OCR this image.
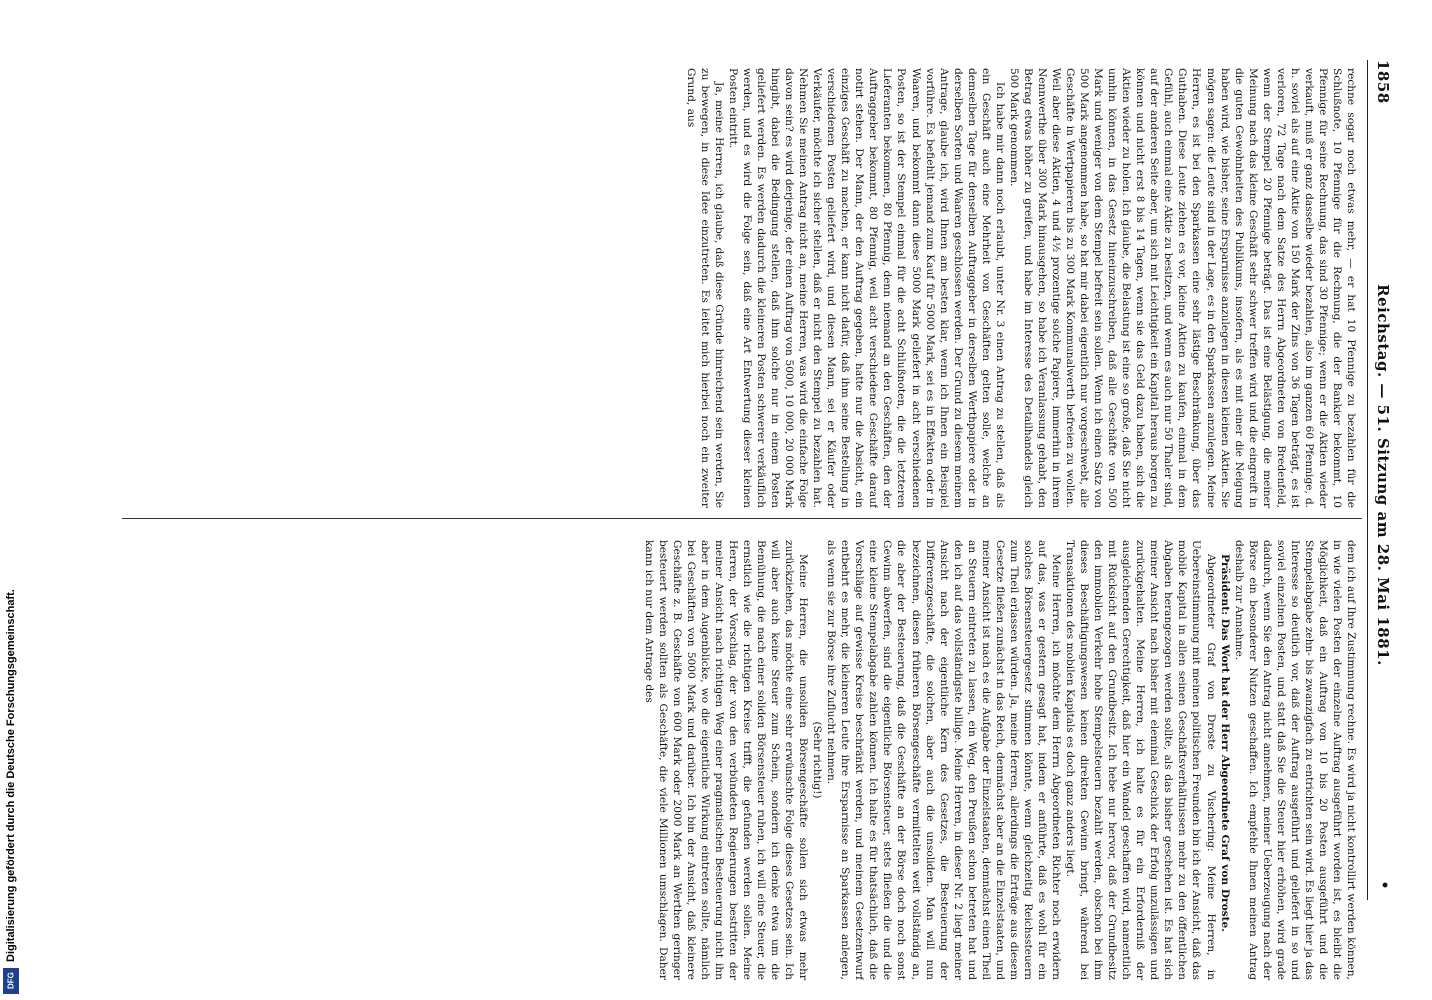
Digitalisierung gefördert durch die Deutsche Forschungsgemeinschaft.
DFG
1858
Reichstag. — 51. Sitzung am 28. Mai 1881.
•

rechne sogar noch etwas mehr, — er hat 10 Pfennige zu bezahlen für die Schlußnote, 10 Pfennige für die Rechnung, die der Bankier bekommt, 10 Pfennige für seine Rechnung, das sind 30 Pfennige; wenn er die Aktien wieder verkauft, muß er ganz dasselbe wieder bezahlen, also im ganzen 60 Pfennige, d. h. soviel als auf eine Aktie von 150 Mark der Zins von 36 Tagen beträgt, es ist verloren, 72 Tage nach dem Satze des Herrn Abgeordneten von Bredenfeld, wenn der Stempel 20 Pfennige beträgt. Das ist eine Belästigung, die meiner Meinung nach das kleine Geschäft sehr schwer treffen wird und die eingreift in die guten Gewohnheiten des Publikums, insofern, als es mit einer die Neigung haben wird, wie bisher, seine Ersparnisse anzulegen in diesen kleinen Aktien. Sie mögen sagen: die Leute sind in der Lage, es in den Sparkassen anzulegen. Meine Herren, es ist bei den Sparkassen eine sehr lästige Beschränkung, über das Guthaben. Diese Leute ziehen es vor, kleine Aktien zu kaufen, einmal in dem Gefühl, auch einmal eine Aktie zu besitzen, und wenn es auch nur 50 Thaler sind, auf der anderen Seite aber, um sich mit Leichtigkeit ein Kapital heraus borgen zu können und nicht erst 8 bis 14 Tagen, wenn sie das Geld dazu haben, sich die Aktien wieder zu holen. Ich glaube, die Belastung ist eine so große, daß Sie nicht umhin können, in das Gesetz hineinzuschreiben, daß alle Geschäfte von 500 Mark und weniger von dem Stempel befreit sein sollen. Wenn ich einen Satz von 500 Mark angenommen habe, so hat mir dabei eigentlich nur vorgeschwebt, alle Geschäfte in Wertpapieren bis zu 300 Mark Kommunalwerth befreien zu wollen. Weil aber diese Aktien, 4 und 4½ prozentige solche Papiere, immerhin in ihrem Nennwerthe über 300 Mark hinausgehen, so habe ich Veranlassung gehabt, den Betrag etwas höher zu greifen, und habe im Interesse des Detailhandels gleich 500 Mark genommen.

Ich habe mir dann noch erlaubt, unter Nr. 3 einen Antrag zu stellen, daß als ein Geschäft auch eine Mehrheit von Geschäften gelten solle, welche an demselben Tage für denselben Auftraggeber in derselben Werthpapiere oder in derselben Sorten und Waaren geschlossen werden. Der Grund zu diesem meinem Antrage, glaube ich, wird Ihnen am besten klar, wenn ich Ihnen ein Beispiel vorführe. Es befiehlt jemand zum Kauf für 5000 Mark, sei es in Effekten oder in Waaren, und bekommt dann diese 5000 Mark geliefert in acht verschiedenen Posten, so ist der Stempel einmal für die acht Schlußnoten, die die letzteren Lieferanten bekommen, 80 Pfennig, denn niemand an den Geschäften, den der Auftraggeber bekommt, 80 Pfennig, weil acht verschiedene Geschäfte darauf notirt stehen. Der Mann, der den Auftrag gegeben, hatte nur die Absicht, ein einziges Geschäft zu machen, er kann nicht dafür, daß ihm seine Bestellung in verschiedenen Posten geliefert wird, und diesen Mann, sei er Käufer oder Verkäufer, möchte ich sicher stellen, daß er nicht den Stempel zu bezahlen hat. Nehmen Sie meinen Antrag nicht an, meine Herren, was wird die einfache Folge davon sein? es wird derjenige, der einen Auftrag von 5000, 10 000, 20 000 Mark hingibt, dabei die Bedingung stellen, daß ihm solche nur in einem Posten geliefert werden. Es werden dadurch die kleineren Posten schwerer verkäuflich werden, und es wird die Folge sein, daß eine Art Entwertung dieser kleinen Posten eintritt.

Ja, meine Herren, ich glaube, daß diese Gründe hinreichend sein werden, Sie zu bewegen, in diese Idee einzutreten. Es leitet mich hierbei noch ein zweiter Grund, aus

dem ich auf Ihre Zustimmung rechne. Es wird ja nicht kontrollirt werden können, in wie vielen Posten der einzelne Auftrag ausgeführt worden ist, es bleibt die Möglichkeit, daß ein Auftrag von 10 bis 20 Posten ausgeführt und die Stempelabgabe zehn- bis zwanzigfach zu entrichten sein wird. Es liegt hier ja das Interesse so deutlich vor, daß der Auftrag ausgeführt und geliefert in so und soviel einzelnen Posten, und statt daß Sie die Steuer hier erhöhen, wird grade dadurch, wenn Sie den Antrag nicht annehmen, meiner Ueberzeugung nach der Börse ein besonderer Nutzen geschaffen. Ich empfehle Ihnen meinen Antrag deshalb zur Annahme.

Präsident: Das Wort hat der Herr Abgeordnete Graf von Droste.

Abgeordneter Graf von Droste zu Vischering: Meine Herren, in Uebereinstimmung mit meinen politischen Freunden bin ich der Ansicht, daß das mobile Kapital in allen seinen Geschäftsverhältnissen mehr zu den öffentlichen Abgaben herangezogen werden sollte, als das bisher geschehen ist. Es hat sich meiner Ansicht nach bisher mit eleminal Geschick der Erfolg unzulässigen und zurückgehalten. Meine Herren, ich halte es für ein Erforderniß der ausgleichenden Gerechtigkeit, daß hier ein Wandel geschaffen wird, namentlich mit Rücksicht auf den Grundbesitz. Ich hebe nur hervor, daß der Grundbesitz den immobilen Verkehr hohe Stempelsteuern bezahlt werden, obschon bei ihm dieses Beschäftigungswesen keinen direkten Gewinn bringt, während bei Transaktionen des mobilen Kapitals es doch ganz anders liegt.

Meine Herren, ich möchte dem Herrn Abgeordneten Richter noch erwidern auf das, was er gestern gesagt hat, indem er anführte, daß es wohl für ein solches Börsensteuergesetz stimmen könnte, wenn gleichzeitig Reichssteuern zum Theil erlassen würden. Ja, meine Herren, allerdings die Erträge aus diesem Gesetze fließen zunächst in das Reich, demnächst aber an die Einzelstaaten, und meiner Ansicht ist nach es die Aufgabe der Einzelstaaten, demnächst einen Theil an Steuern eintreten zu lassen, ein Weg, den Preußen schon betreten hat und den ich auf das vollständigste billige. Meine Herren, in dieser Nr. 2 liegt meiner Ansicht nach der eigentliche Kern des Gesetzes, die Besteuerung der Differenzgeschäfte, die solchen, aber auch die unsoliden. Man will nun bezeichnen, diesen früheren Börsengeschäfte vermittelten weit vollständig an, die aber der Besteuerung, daß die Geschäfte an der Börse doch noch sonst Gewinn abwerfen, sind die eigentliche Börsensteuer, stets fließen die und die eine kleine Stempelabgabe zahlen können. Ich halte es für thatsächlich, daß die Vorschläge auf gewisse Kreise beschränkt werden, und meinem Gesetzentwurf entbehrt es mehr, die kleineren Leute ihre Ersparnisse an Sparkassen anlegen, als wenn sie zur Börse ihre Zuflucht nehmen.

(Sehr richtig!)

Meine Herren, die unsoliden Börsengeschäfte sollen sich etwas mehr zurückziehen, das möchte eine sehr erwünschte Folge dieses Gesetzes sein. Ich will aber auch keine Steuer zum Schein, sondern ich denke etwa um die Bemühung, die nach einer soliden Börsensteuer ruhen, ich will eine Steuer, die ernstlich wie die richtigen Kreise trifft, die gefunden werden sollen. Meine Herren, der Vorschlag, der von den verbündeten Regierungen bestritten der meiner Ansicht nach richtigen Weg einer pragmatischen Besteuerung nicht ihn aber in dem Augenblicke, wo die eigentliche Wirkung eintreten sollte, nämlich bei Geschäften von 5000 Mark und darüber. Ich bin der Ansicht, daß kleinere Geschäfte z. B. Geschäfte von 600 Mark oder 2000 Mark an Werthen geringer besteuert werden sollten als Geschäfte, die viele Millionen umschlagen. Daher kann ich nur dem Antrage des
